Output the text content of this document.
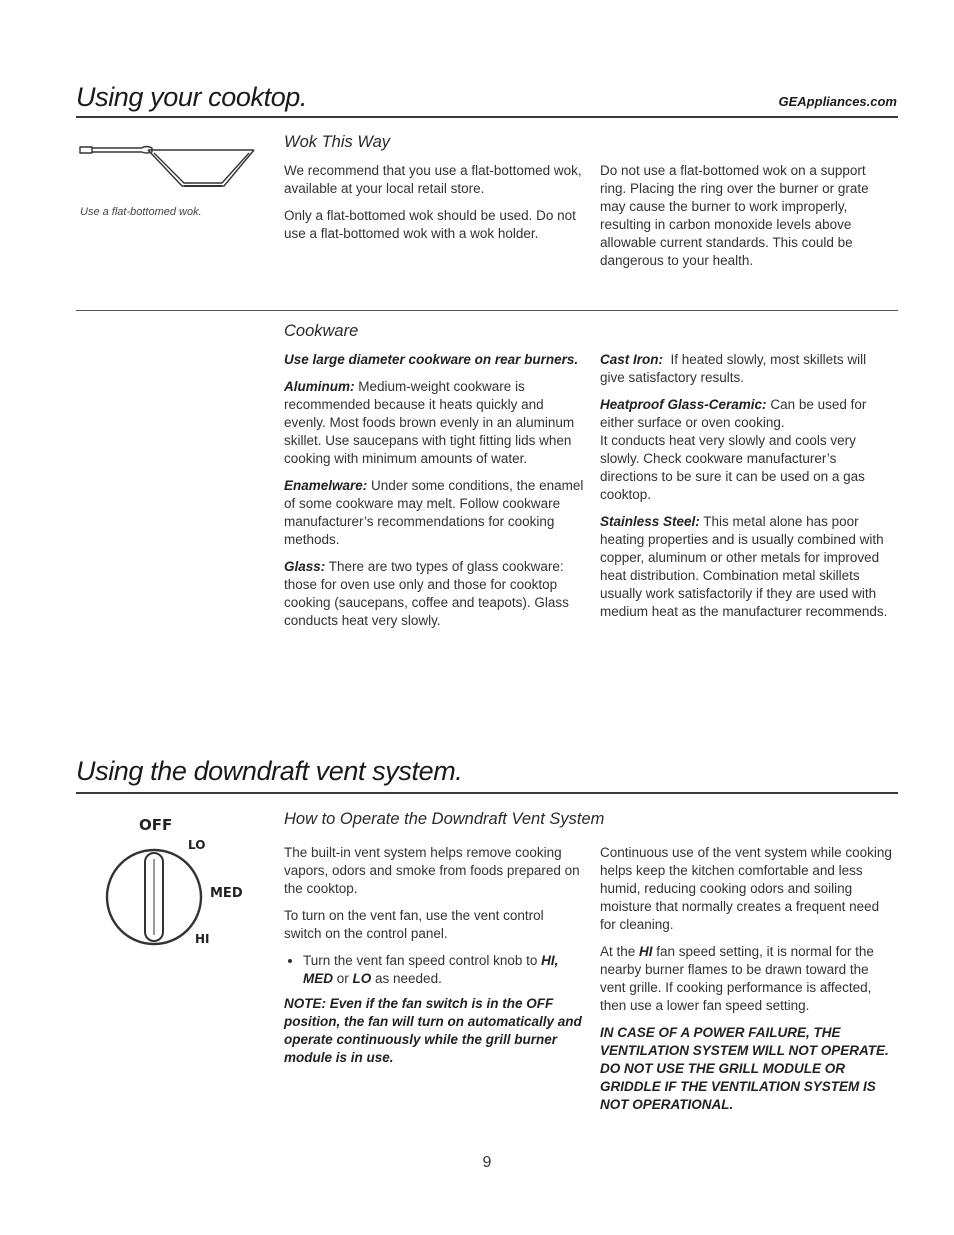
Using your cooktop.	GEAppliances.com
Use a flat-bottomed wok.
Wok This Way

We recommend that you use a flat-bottomed wok, available at your local retail store.

Only a flat-bottomed wok should be used. Do not use a flat-bottomed wok with a wok holder.

Do not use a flat-bottomed wok on a support ring. Placing the ring over the burner or grate may cause the burner to work improperly, resulting in carbon monoxide levels above allowable current standards. This could be dangerous to your health.

Cookware

Use large diameter cookware on rear burners.

Aluminum: Medium-weight cookware is recommended because it heats quickly and evenly. Most foods brown evenly in an aluminum skillet. Use saucepans with tight fitting lids when cooking with minimum amounts of water.

Enamelware: Under some conditions, the enamel of some cookware may melt. Follow cookware manufacturer’s recommendations for cooking methods.

Glass: There are two types of glass cookware: those for oven use only and those for cooktop cooking (saucepans, coffee and teapots). Glass conducts heat very slowly.

Cast Iron:  If heated slowly, most skillets will give satisfactory results.

Heatproof Glass-Ceramic: Can be used for either surface or oven cooking.
It conducts heat very slowly and cools very slowly. Check cookware manufacturer’s directions to be sure it can be used on a gas cooktop.

Stainless Steel: This metal alone has poor heating properties and is usually combined with copper, aluminum or other metals for improved heat distribution. Combination metal skillets usually work satisfactorily if they are used with medium heat as the manufacturer recommends.

Using the downdraft vent system.
OFF
LO
MED
HI
How to Operate the Downdraft Vent System

The built-in vent system helps remove cooking vapors, odors and smoke from foods prepared on the cooktop.

To turn on the vent fan, use the vent control switch on the control panel.

• Turn the vent fan speed control knob to HI, MED or LO as needed.

NOTE: Even if the fan switch is in the OFF position, the fan will turn on automatically and operate continuously while the grill burner module is in use.

Continuous use of the vent system while cooking helps keep the kitchen comfortable and less humid, reducing cooking odors and soiling moisture that normally creates a frequent need for cleaning.

At the HI fan speed setting, it is normal for the nearby burner flames to be drawn toward the vent grille. If cooking performance is affected, then use a lower fan speed setting.

IN CASE OF A POWER FAILURE, THE VENTILATION SYSTEM WILL NOT OPERATE. DO NOT USE THE GRILL MODULE OR GRIDDLE IF THE VENTILATION SYSTEM IS NOT OPERATIONAL.

9
